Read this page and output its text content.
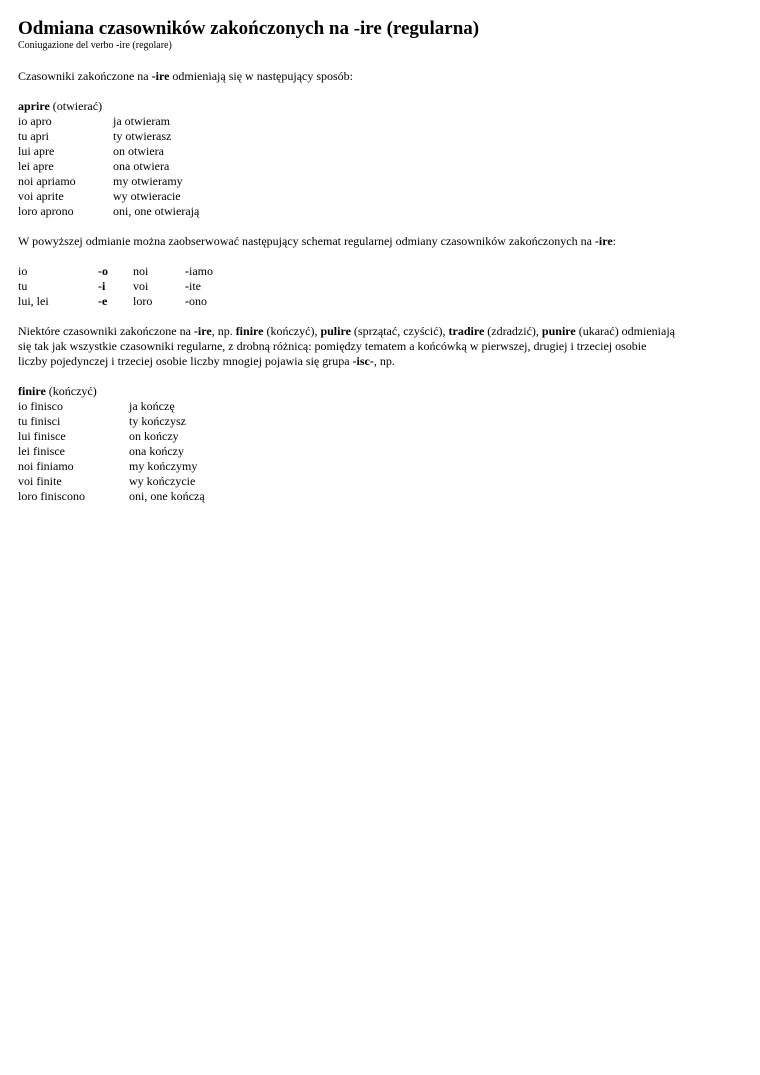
Odmiana czasowników zakończonych na -ire (regularna)
Coniugazione del verbo -ire (regolare)

Czasowniki zakończone na -ire odmieniają się w następujący sposób:

aprire (otwierać)
io apro	ja otwieram
tu apri	ty otwierasz
lui apre	on otwiera
lei apre	ona otwiera
noi apriamo	my otwieramy
voi aprite	wy otwieracie
loro aprono	oni, one otwierają

W powyższej odmianie można zaobserwować następujący schemat regularnej odmiany czasowników zakończonych na -ire:

io	-o	noi	-iamo
tu	-i	voi	-ite
lui, lei	-e	loro	-ono

Niektóre czasowniki zakończone na -ire, np. finire (kończyć), pulire (sprzątać, czyścić), tradire (zdradzić), punire (ukarać) odmieniają się tak jak wszystkie czasowniki regularne, z drobną różnicą: pomiędzy tematem a końcówką w pierwszej, drugiej i trzeciej osobie liczby pojedynczej i trzeciej osobie liczby mnogiej pojawia się grupa -isc-, np.

finire (kończyć)
io finisco	ja kończę
tu finisci	ty kończysz
lui finisce	on kończy
lei finisce	ona kończy
noi finiamo	my kończymy
voi finite	wy kończycie
loro finiscono	oni, one kończą
